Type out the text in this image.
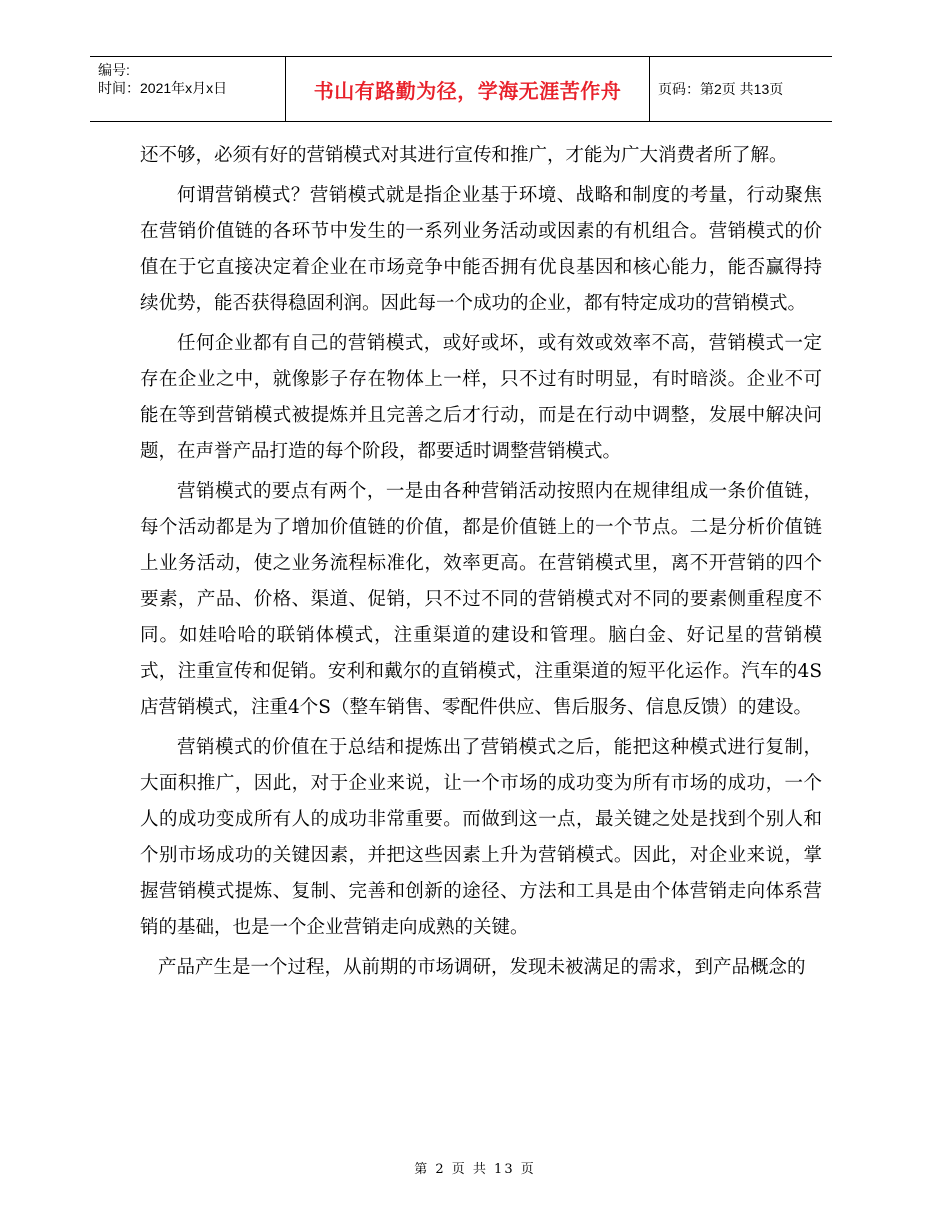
编号:
时间：2021年x月x日	书山有路勤为径，学海无涯苦作舟	页码：第2页 共13页

还不够，必须有好的营销模式对其进行宣传和推广，才能为广大消费者所了解。

何谓营销模式？营销模式就是指企业基于环境、战略和制度的考量，行动聚焦在营销价值链的各环节中发生的一系列业务活动或因素的有机组合。营销模式的价值在于它直接决定着企业在市场竞争中能否拥有优良基因和核心能力，能否赢得持续优势，能否获得稳固利润。因此每一个成功的企业，都有特定成功的营销模式。

任何企业都有自己的营销模式，或好或坏，或有效或效率不高，营销模式一定存在企业之中，就像影子存在物体上一样，只不过有时明显，有时暗淡。企业不可能在等到营销模式被提炼并且完善之后才行动，而是在行动中调整，发展中解决问题，在声誉产品打造的每个阶段，都要适时调整营销模式。

营销模式的要点有两个，一是由各种营销活动按照内在规律组成一条价值链，每个活动都是为了增加价值链的价值，都是价值链上的一个节点。二是分析价值链上业务活动，使之业务流程标准化，效率更高。在营销模式里，离不开营销的四个要素，产品、价格、渠道、促销，只不过不同的营销模式对不同的要素侧重程度不同。如娃哈哈的联销体模式，注重渠道的建设和管理。脑白金、好记星的营销模式，注重宣传和促销。安利和戴尔的直销模式，注重渠道的短平化运作。汽车的4S店营销模式，注重4个S（整车销售、零配件供应、售后服务、信息反馈）的建设。

营销模式的价值在于总结和提炼出了营销模式之后，能把这种模式进行复制，大面积推广，因此，对于企业来说，让一个市场的成功变为所有市场的成功，一个人的成功变成所有人的成功非常重要。而做到这一点，最关键之处是找到个别人和个别市场成功的关键因素，并把这些因素上升为营销模式。因此，对企业来说，掌握营销模式提炼、复制、完善和创新的途径、方法和工具是由个体营销走向体系营销的基础，也是一个企业营销走向成熟的关键。

产品产生是一个过程，从前期的市场调研，发现未被满足的需求，到产品概念的

第 2 页 共 13 页
